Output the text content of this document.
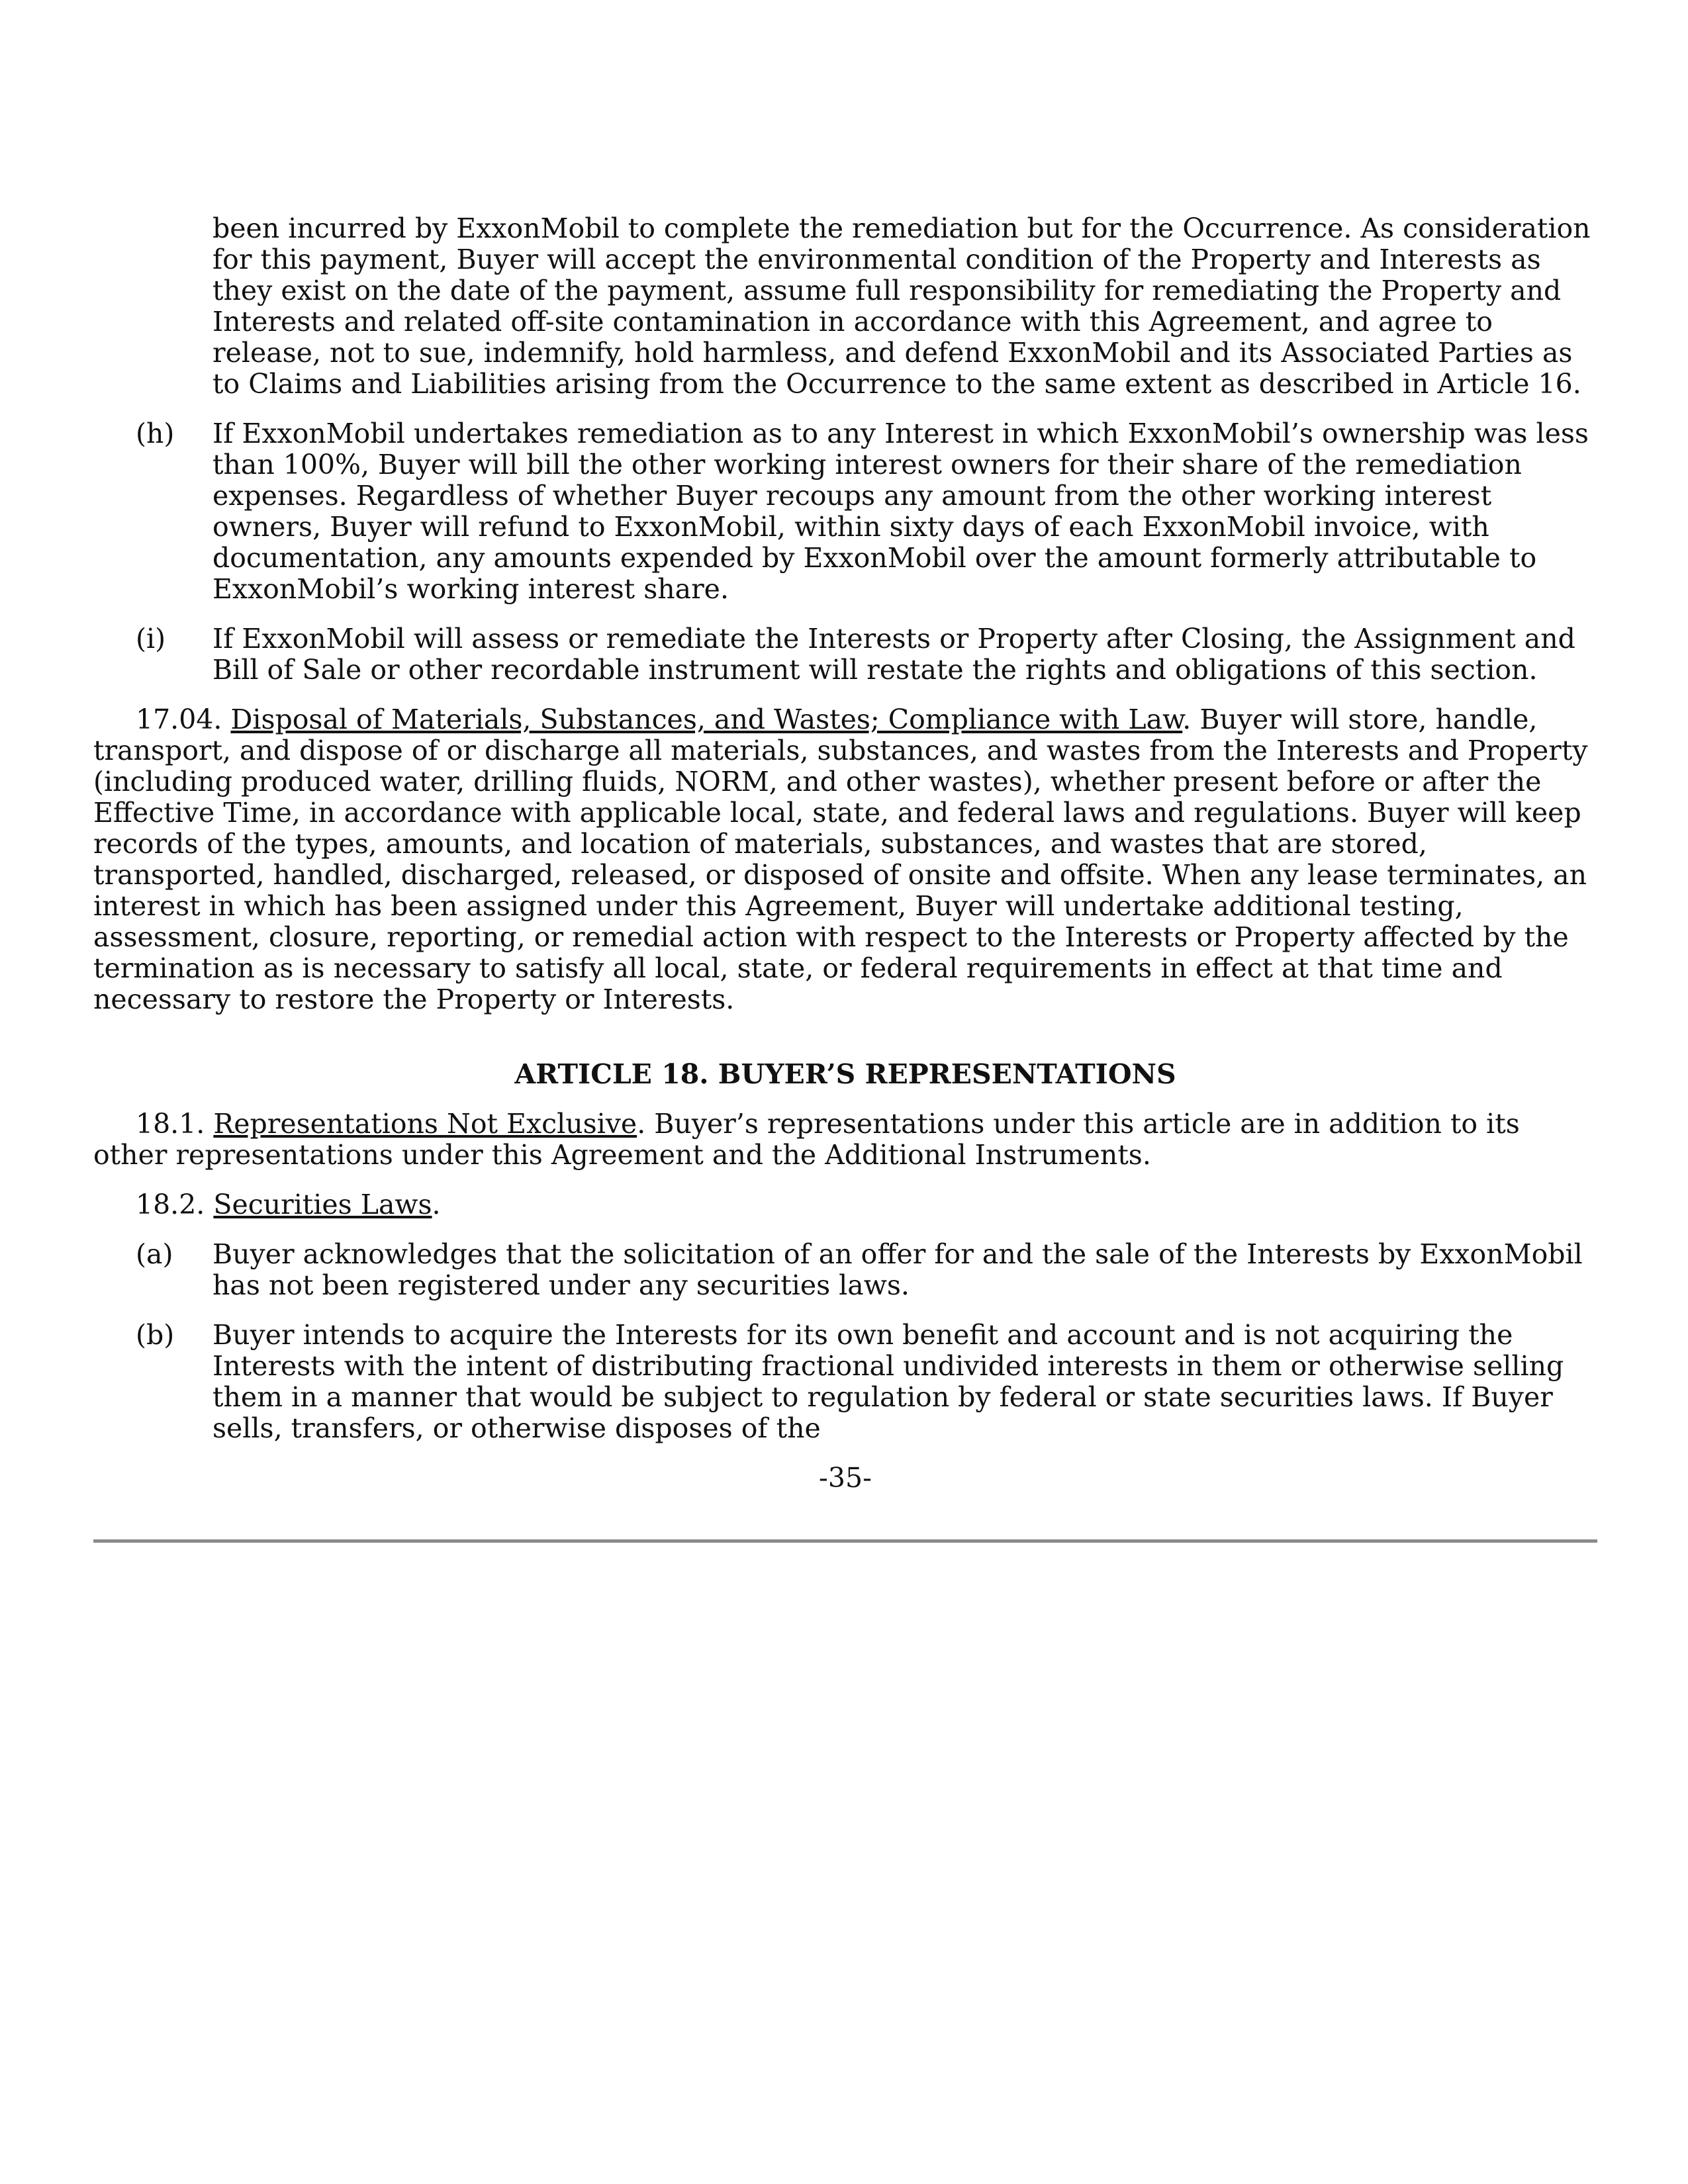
been incurred by ExxonMobil to complete the remediation but for the Occurrence. As consideration for this payment, Buyer will accept the environmental condition of the Property and Interests as they exist on the date of the payment, assume full responsibility for remediating the Property and Interests and related off-site contamination in accordance with this Agreement, and agree to release, not to sue, indemnify, hold harmless, and defend ExxonMobil and its Associated Parties as to Claims and Liabilities arising from the Occurrence to the same extent as described in Article 16.

(h) If ExxonMobil undertakes remediation as to any Interest in which ExxonMobil’s ownership was less than 100%, Buyer will bill the other working interest owners for their share of the remediation expenses. Regardless of whether Buyer recoups any amount from the other working interest owners, Buyer will refund to ExxonMobil, within sixty days of each ExxonMobil invoice, with documentation, any amounts expended by ExxonMobil over the amount formerly attributable to ExxonMobil’s working interest share.
(i) If ExxonMobil will assess or remediate the Interests or Property after Closing, the Assignment and Bill of Sale or other recordable instrument will restate the rights and obligations of this section.

17.04. Disposal of Materials, Substances, and Wastes; Compliance with Law. Buyer will store, handle, transport, and dispose of or discharge all materials, substances, and wastes from the Interests and Property (including produced water, drilling fluids, NORM, and other wastes), whether present before or after the Effective Time, in accordance with applicable local, state, and federal laws and regulations. Buyer will keep records of the types, amounts, and location of materials, substances, and wastes that are stored, transported, handled, discharged, released, or disposed of onsite and offsite. When any lease terminates, an interest in which has been assigned under this Agreement, Buyer will undertake additional testing, assessment, closure, reporting, or remedial action with respect to the Interests or Property affected by the termination as is necessary to satisfy all local, state, or federal requirements in effect at that time and necessary to restore the Property or Interests.

ARTICLE 18. BUYER’S REPRESENTATIONS

18.1. Representations Not Exclusive. Buyer’s representations under this article are in addition to its other representations under this Agreement and the Additional Instruments.

18.2. Securities Laws.

(a) Buyer acknowledges that the solicitation of an offer for and the sale of the Interests by ExxonMobil has not been registered under any securities laws.
(b) Buyer intends to acquire the Interests for its own benefit and account and is not acquiring the Interests with the intent of distributing fractional undivided interests in them or otherwise selling them in a manner that would be subject to regulation by federal or state securities laws. If Buyer sells, transfers, or otherwise disposes of the

-35-
